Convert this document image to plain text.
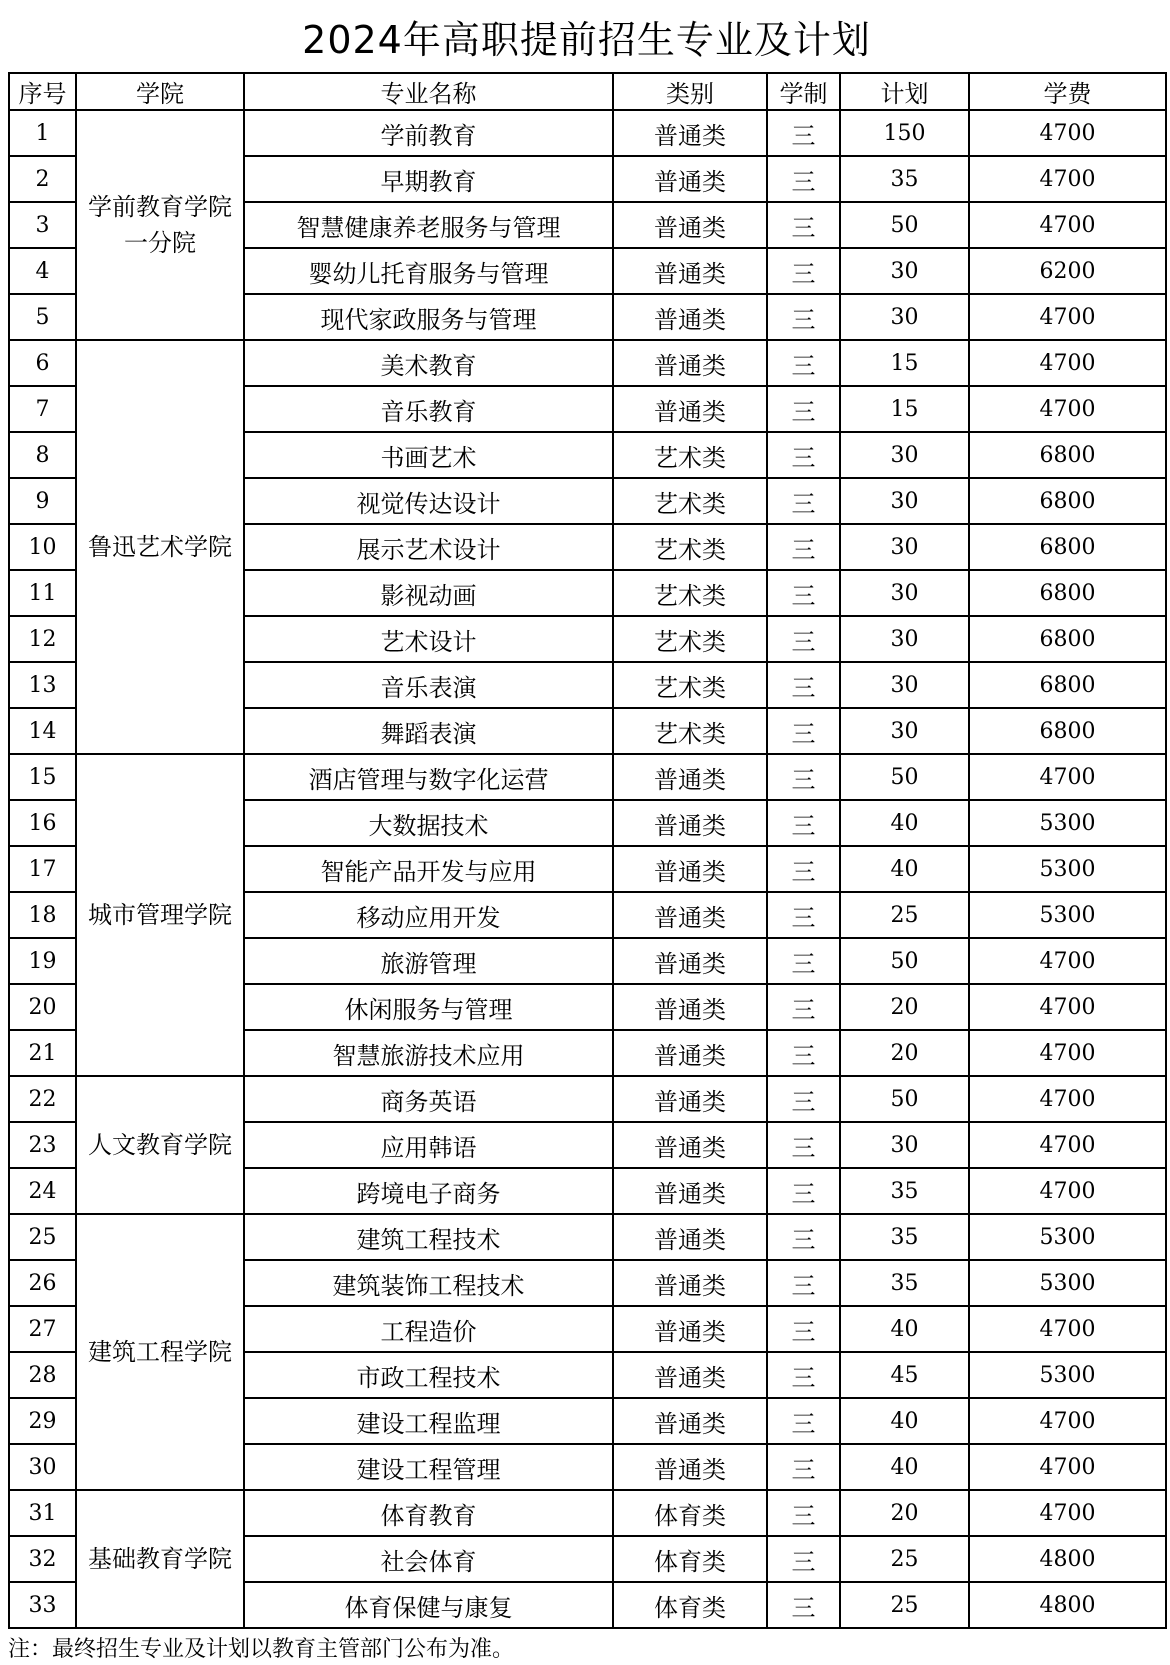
2024年高职提前招生专业及计划
序号	学院	专业名称	类别	学制	计划	学费
1	学前教育学院一分院	学前教育	普通类	三	150	4700
2		早期教育	普通类	三	35	4700
3		智慧健康养老服务与管理	普通类	三	50	4700
4		婴幼儿托育服务与管理	普通类	三	30	6200
5		现代家政服务与管理	普通类	三	30	4700
6	鲁迅艺术学院	美术教育	普通类	三	15	4700
7		音乐教育	普通类	三	15	4700
8		书画艺术	艺术类	三	30	6800
9		视觉传达设计	艺术类	三	30	6800
10		展示艺术设计	艺术类	三	30	6800
11		影视动画	艺术类	三	30	6800
12		艺术设计	艺术类	三	30	6800
13		音乐表演	艺术类	三	30	6800
14		舞蹈表演	艺术类	三	30	6800
15	城市管理学院	酒店管理与数字化运营	普通类	三	50	4700
16		大数据技术	普通类	三	40	5300
17		智能产品开发与应用	普通类	三	40	5300
18		移动应用开发	普通类	三	25	5300
19		旅游管理	普通类	三	50	4700
20		休闲服务与管理	普通类	三	20	4700
21		智慧旅游技术应用	普通类	三	20	4700
22	人文教育学院	商务英语	普通类	三	50	4700
23		应用韩语	普通类	三	30	4700
24		跨境电子商务	普通类	三	35	4700
25	建筑工程学院	建筑工程技术	普通类	三	35	5300
26		建筑装饰工程技术	普通类	三	35	5300
27		工程造价	普通类	三	40	4700
28		市政工程技术	普通类	三	45	5300
29		建设工程监理	普通类	三	40	4700
30		建设工程管理	普通类	三	40	4700
31	基础教育学院	体育教育	体育类	三	20	4700
32		社会体育	体育类	三	25	4800
33		体育保健与康复	体育类	三	25	4800
注：最终招生专业及计划以教育主管部门公布为准。
